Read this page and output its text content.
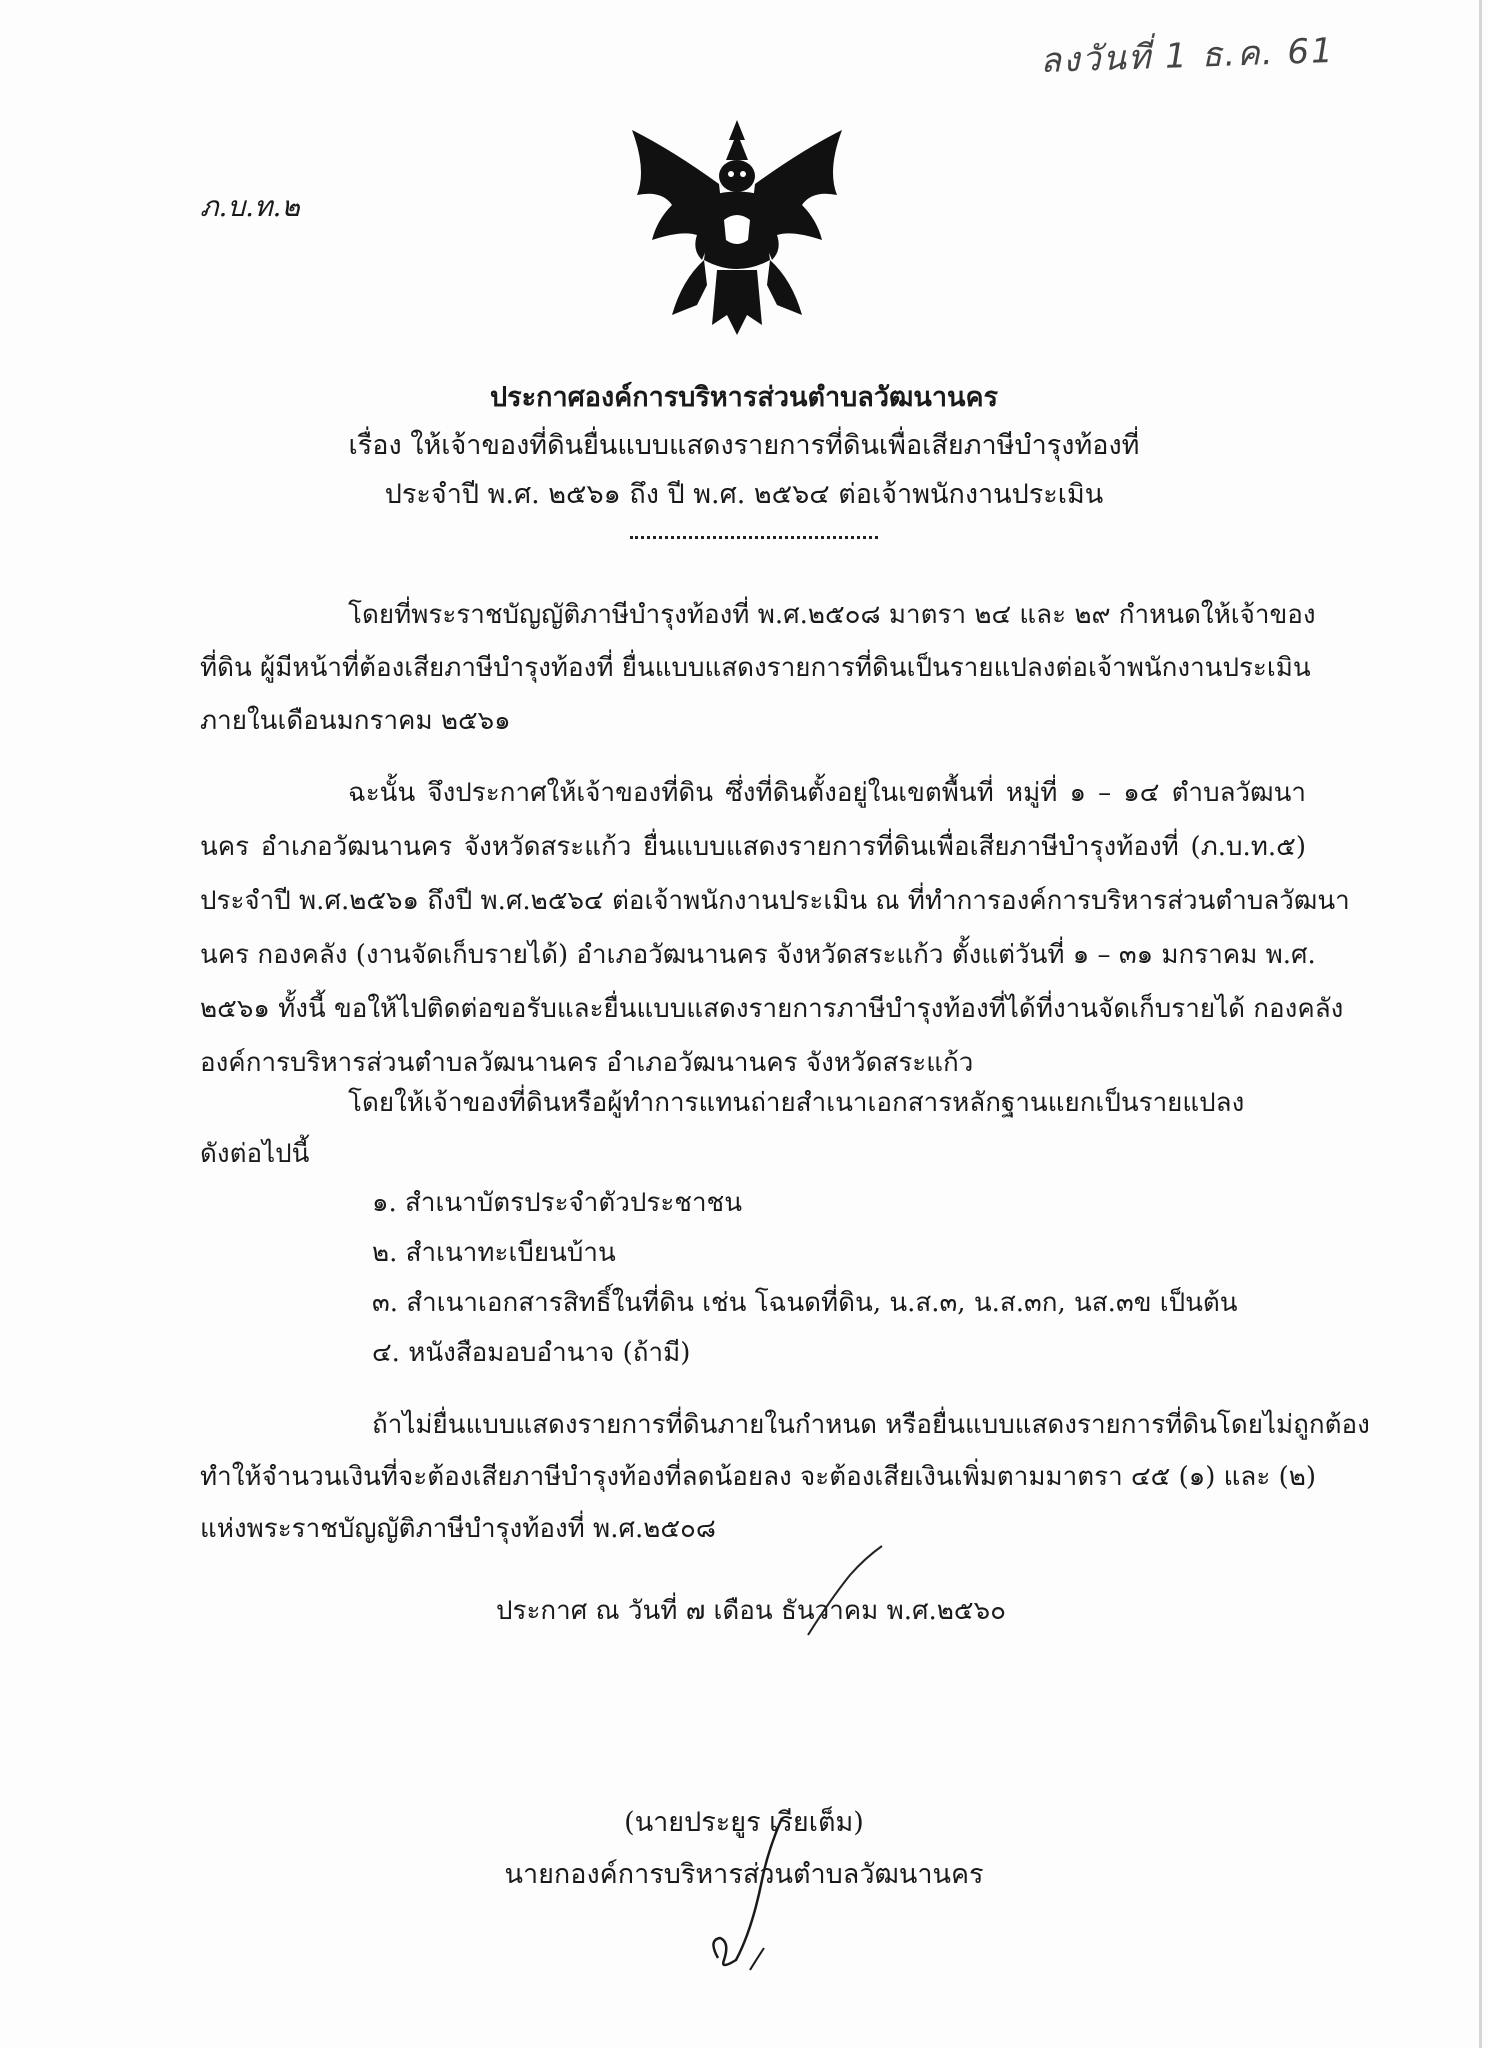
ลงวันที่ 1 ธ.ค. 61
ภ.บ.ท.๒
ประกาศองค์การบริหารส่วนตำบลวัฒนานคร
เรื่อง ให้เจ้าของที่ดินยื่นแบบแสดงรายการที่ดินเพื่อเสียภาษีบำรุงท้องที่
ประจำปี พ.ศ. ๒๕๖๑ ถึง ปี พ.ศ. ๒๕๖๔ ต่อเจ้าพนักงานประเมิน
โดยที่พระราชบัญญัติภาษีบำรุงท้องที่ พ.ศ.๒๕๐๘ มาตรา ๒๔ และ ๒๙ กำหนดให้เจ้าของ
ที่ดิน ผู้มีหน้าที่ต้องเสียภาษีบำรุงท้องที่ ยื่นแบบแสดงรายการที่ดินเป็นรายแปลงต่อเจ้าพนักงานประเมิน
ภายในเดือนมกราคม ๒๕๖๑
ฉะนั้น จึงประกาศให้เจ้าของที่ดิน ซึ่งที่ดินตั้งอยู่ในเขตพื้นที่ หมู่ที่ ๑ – ๑๔ ตำบลวัฒนา
นคร อำเภอวัฒนานคร จังหวัดสระแก้ว ยื่นแบบแสดงรายการที่ดินเพื่อเสียภาษีบำรุงท้องที่ (ภ.บ.ท.๕)
ประจำปี พ.ศ.๒๕๖๑ ถึงปี พ.ศ.๒๕๖๔ ต่อเจ้าพนักงานประเมิน ณ ที่ทำการองค์การบริหารส่วนตำบลวัฒนา
นคร กองคลัง (งานจัดเก็บรายได้) อำเภอวัฒนานคร จังหวัดสระแก้ว ตั้งแต่วันที่ ๑ – ๓๑ มกราคม พ.ศ.
๒๕๖๑ ทั้งนี้ ขอให้ไปติดต่อขอรับและยื่นแบบแสดงรายการภาษีบำรุงท้องที่ได้ที่งานจัดเก็บรายได้ กองคลัง
องค์การบริหารส่วนตำบลวัฒนานคร อำเภอวัฒนานคร จังหวัดสระแก้ว
โดยให้เจ้าของที่ดินหรือผู้ทำการแทนถ่ายสำเนาเอกสารหลักฐานแยกเป็นรายแปลง
ดังต่อไปนี้
๑. สำเนาบัตรประจำตัวประชาชน
๒. สำเนาทะเบียนบ้าน
๓. สำเนาเอกสารสิทธิ์ในที่ดิน เช่น โฉนดที่ดิน, น.ส.๓, น.ส.๓ก, นส.๓ข เป็นต้น
๔. หนังสือมอบอำนาจ (ถ้ามี)
ถ้าไม่ยื่นแบบแสดงรายการที่ดินภายในกำหนด หรือยื่นแบบแสดงรายการที่ดินโดยไม่ถูกต้อง
ทำให้จำนวนเงินที่จะต้องเสียภาษีบำรุงท้องที่ลดน้อยลง จะต้องเสียเงินเพิ่มตามมาตรา ๔๕ (๑) และ (๒)
แห่งพระราชบัญญัติภาษีบำรุงท้องที่ พ.ศ.๒๕๐๘
ประกาศ ณ วันที่ ๗ เดือน ธันวาคม พ.ศ.๒๕๖๐
(นายประยูร เรียเต็ม)
นายกองค์การบริหารส่วนตำบลวัฒนานคร
